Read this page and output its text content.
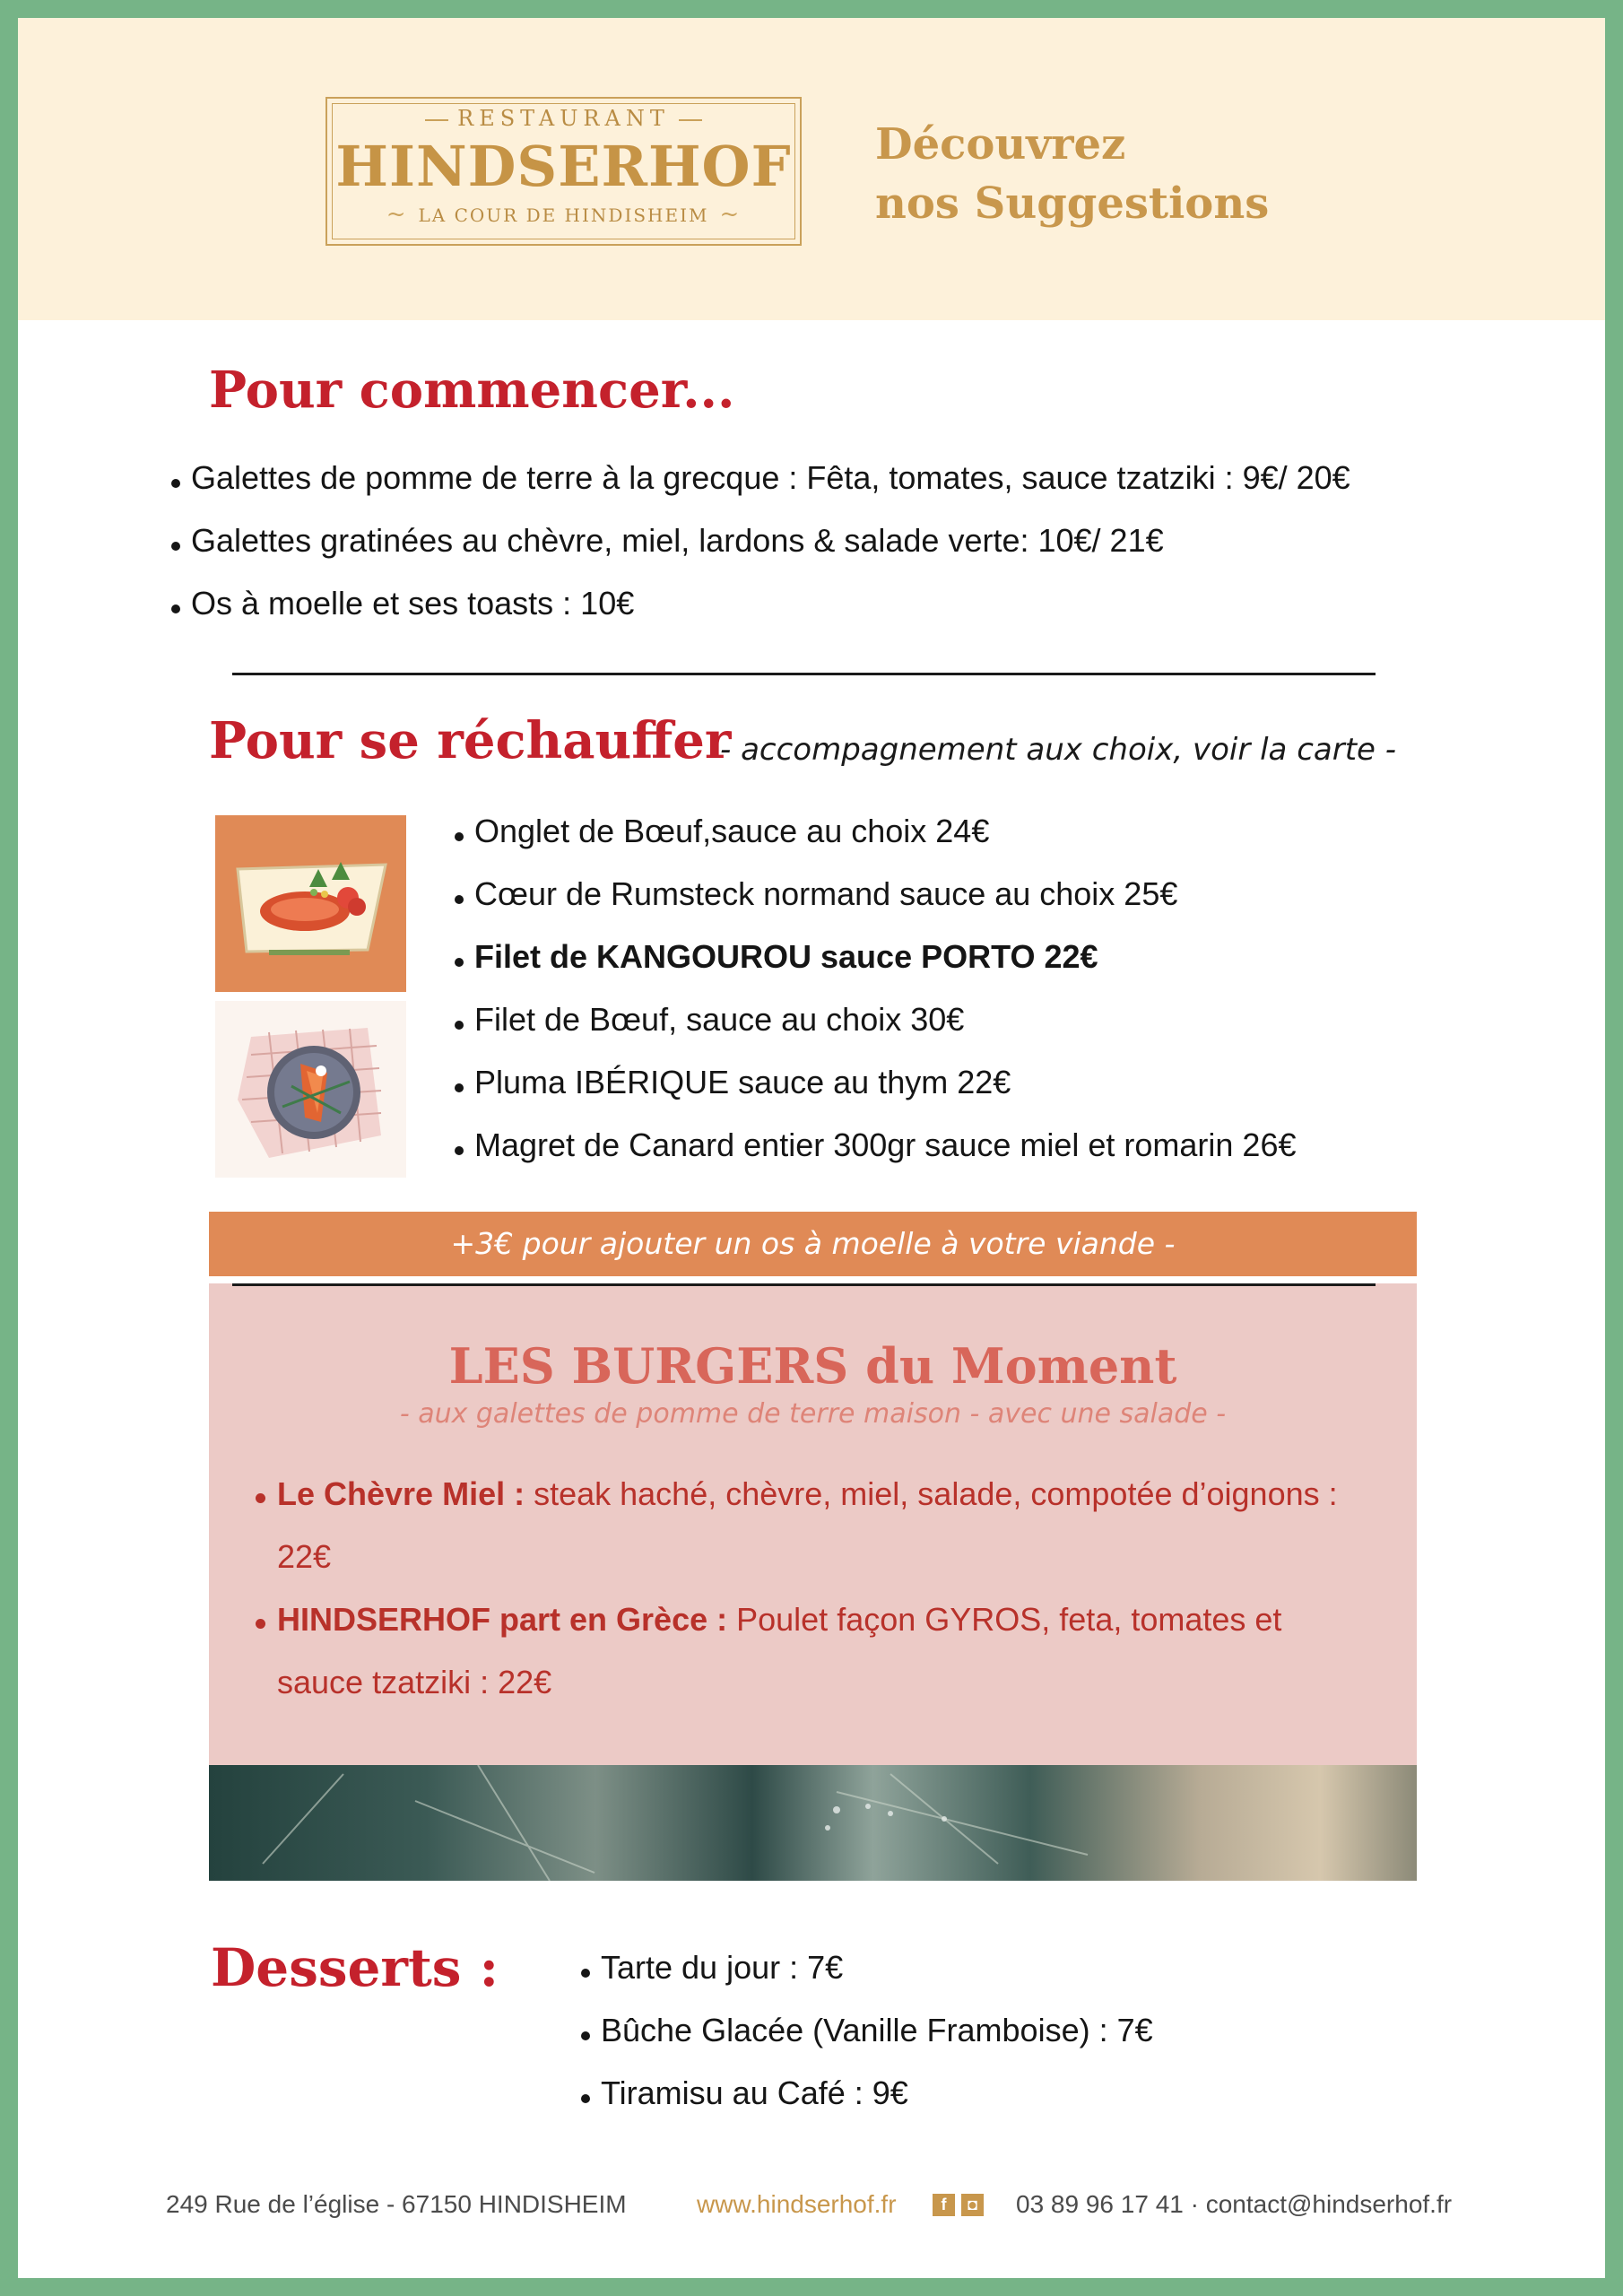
RESTAURANT
HINDSERHOF
~ LA COUR DE HINDISHEIM ~
Découvrez
nos Suggestions
Pour commencer...
Galettes de pomme de terre à la grecque : Fêta, tomates, sauce tzatziki : 9€/ 20€
Galettes gratinées au chèvre, miel, lardons & salade verte: 10€/ 21€
Os à moelle et ses toasts : 10€
Pour se réchauffer
- accompagnement aux choix, voir la carte -
Onglet de Bœuf,sauce au choix 24€
Cœur de Rumsteck normand sauce au choix 25€
Filet de KANGOUROU sauce PORTO 22€
Filet de Bœuf, sauce au choix 30€
Pluma IBÉRIQUE sauce au thym 22€
Magret de Canard entier 300gr sauce miel et romarin 26€
+3€ pour ajouter un os à moelle à votre viande -
LES BURGERS du Moment
- aux galettes de pomme de terre maison - avec une salade -
Le Chèvre Miel : steak haché, chèvre, miel, salade, compotée d’oignons : 22€
HINDSERHOF part en Grèce : Poulet façon GYROS, feta, tomates et sauce tzatziki : 22€
Desserts :	Tarte du jour : 7€
Bûche Glacée (Vanille Framboise) : 7€
Tiramisu au Café : 9€
249 Rue de l’église - 67150 HINDISHEIM	www.hindserhof.fr	f	◘ 03 89 96 17 41 · contact@hindserhof.fr
